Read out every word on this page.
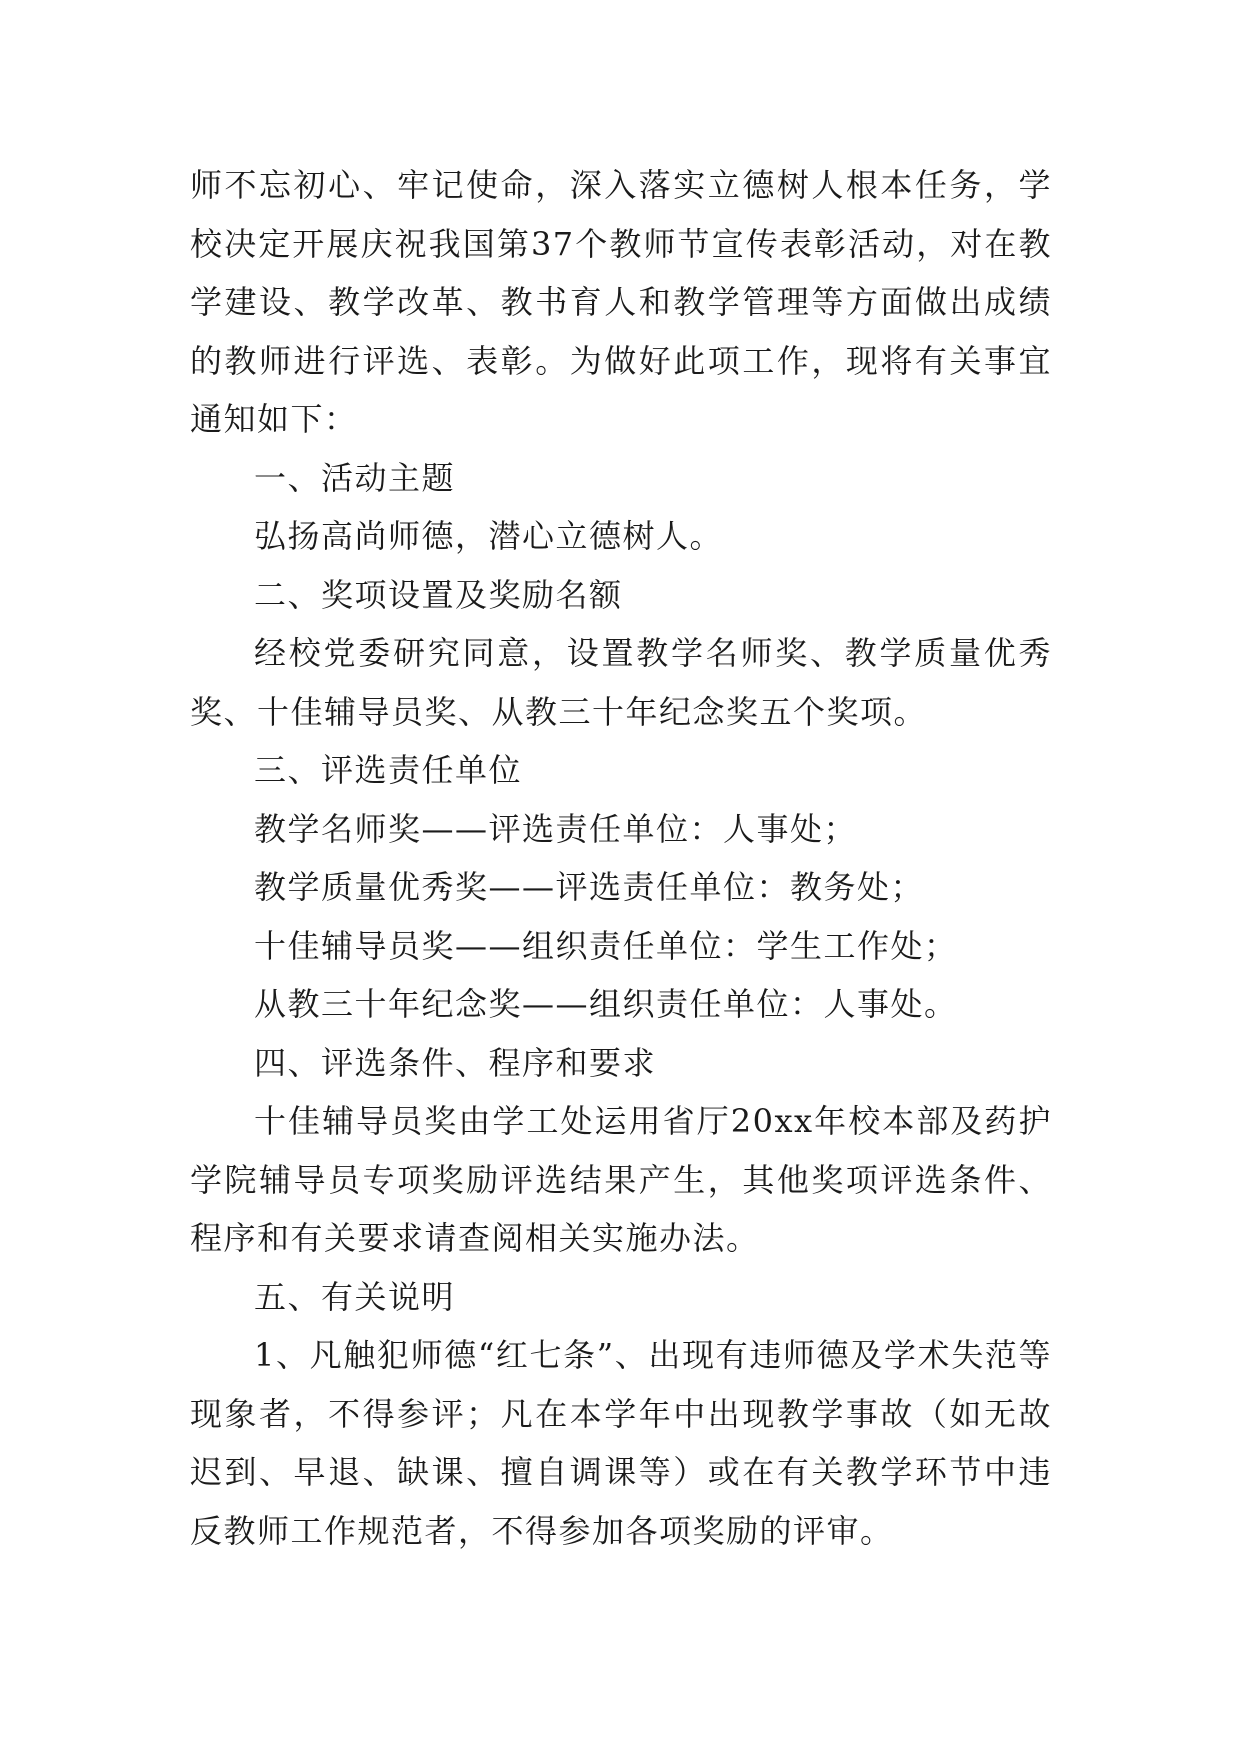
师不忘初心、牢记使命，深入落实立德树人根本任务，学校决定开展庆祝我国第37个教师节宣传表彰活动，对在教学建设、教学改革、教书育人和教学管理等方面做出成绩的教师进行评选、表彰。为做好此项工作，现将有关事宜通知如下：

一、活动主题

弘扬高尚师德，潜心立德树人。

二、奖项设置及奖励名额

经校党委研究同意，设置教学名师奖、教学质量优秀奖、十佳辅导员奖、从教三十年纪念奖五个奖项。

三、评选责任单位

教学名师奖——评选责任单位：人事处；

教学质量优秀奖——评选责任单位：教务处；

十佳辅导员奖——组织责任单位：学生工作处；

从教三十年纪念奖——组织责任单位：人事处。

四、评选条件、程序和要求

十佳辅导员奖由学工处运用省厅20xx年校本部及药护学院辅导员专项奖励评选结果产生，其他奖项评选条件、程序和有关要求请查阅相关实施办法。

五、有关说明

1、凡触犯师德“红七条”、出现有违师德及学术失范等现象者，不得参评；凡在本学年中出现教学事故（如无故迟到、早退、缺课、擅自调课等）或在有关教学环节中违反教师工作规范者，不得参加各项奖励的评审。
